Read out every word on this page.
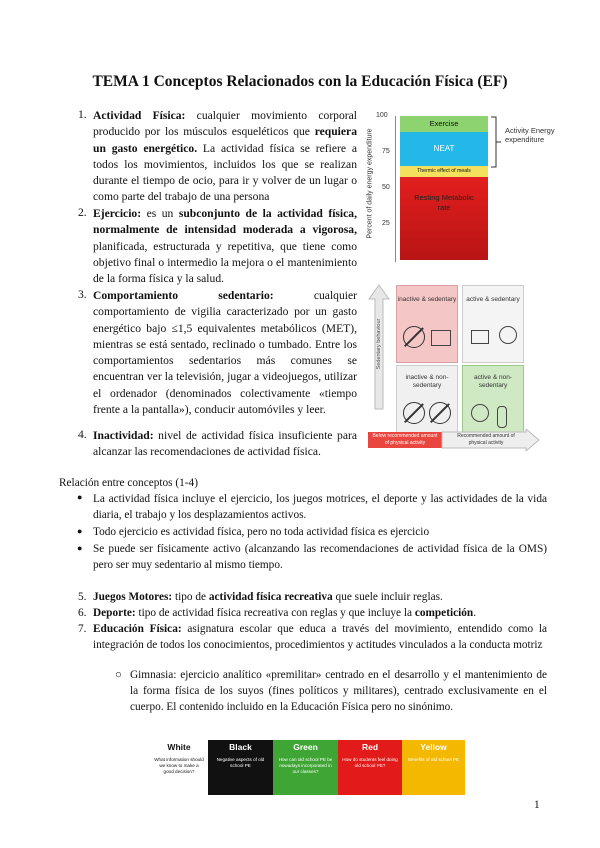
TEMA 1 Conceptos Relacionados con la Educación Física (EF)
1. Actividad Física: cualquier movimiento corporal producido por los músculos esqueléticos que requiera un gasto energético. La actividad física se refiere a todos los movimientos, incluidos los que se realizan durante el tiempo de ocio, para ir y volver de un lugar o como parte del trabajo de una persona
2. Ejercicio: es un subconjunto de la actividad física, normalmente de intensidad moderada a vigorosa, planificada, estructurada y repetitiva, que tiene como objetivo final o intermedio la mejora o el mantenimiento de la forma física y la salud.
3. Comportamiento sedentario: cualquier comportamiento de vigilia caracterizado por un gasto energético bajo ≤1,5 equivalentes metabólicos (MET), mientras se está sentado, reclinado o tumbado. Entre los comportamientos sedentarios más comunes se encuentran ver la televisión, jugar a videojuegos, utilizar el ordenador (denominados colectivamente «tiempo frente a la pantalla»), conducir automóviles y leer.
4. Inactividad: nivel de actividad física insuficiente para alcanzar las recomendaciones de actividad física.
Percent of daily energy expenditure
100
75
50
25
Exercise
NEAT
Thermic effect of meals
Resting Metabolic rate
Activity Energy expenditure
Sedentary behaviour
inactive & sedentary	active & sedentary
inactive & non-sedentary
active & non-sedentary
Below recommended amount of physical activity
Recommended amount of physical activity
Relación entre conceptos (1-4)
● La actividad física incluye el ejercicio, los juegos motrices, el deporte y las actividades de la vida diaria, el trabajo y los desplazamientos activos.
● Todo ejercicio es actividad física, pero no toda actividad física es ejercicio
● Se puede ser físicamente activo (alcanzando las recomendaciones de actividad física de la OMS) pero ser muy sedentario al mismo tiempo.
5. Juegos Motores: tipo de actividad física recreativa que suele incluir reglas.
6. Deporte: tipo de actividad física recreativa con reglas y que incluye la competición.
7. Educación Física: asignatura escolar que educa a través del movimiento, entendido como la integración de todos los conocimientos, procedimientos y actitudes vinculados a la conducta motriz
○ Gimnasia: ejercicio analítico «premilitar» centrado en el desarrollo y el mantenimiento de la forma física de los suyos (fines políticos y militares), centrado exclusivamente en el cuerpo. El contenido incluido en la Educación Física pero no sinónimo.
White
What information should we know to make a good decision?
Black
Negative aspects of old school PE
Green
How can old school PE be nowadays incorporated in our classes?
Red
How do students feel doing old school PE?
Yellow
Benefits of old school PE
1
